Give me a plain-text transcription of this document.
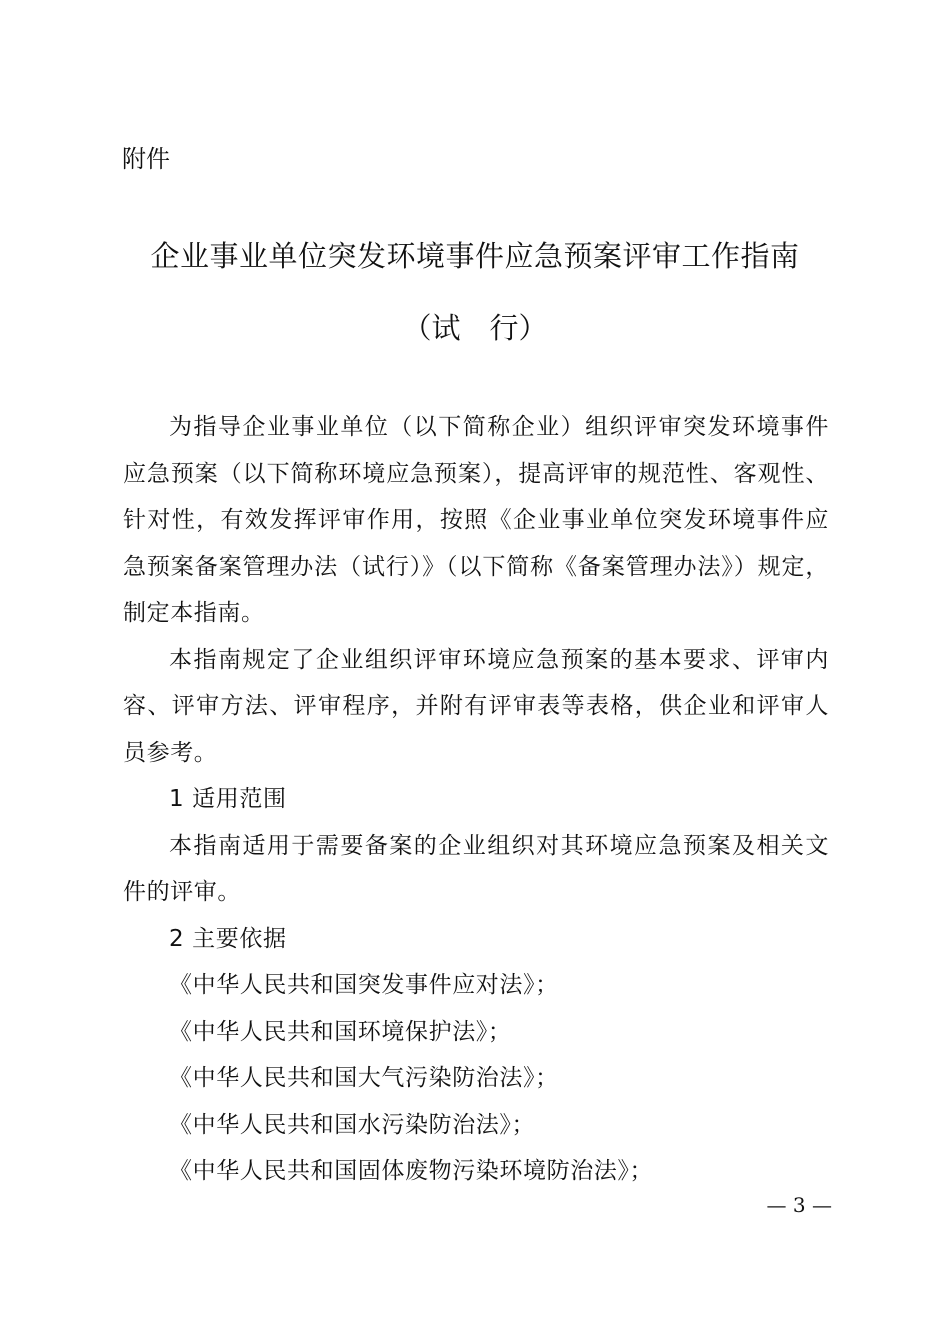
附件
企业事业单位突发环境事件应急预案评审工作指南
（试　行）

为指导企业事业单位（以下简称企业）组织评审突发环境事件应急预案（以下简称环境应急预案），提高评审的规范性、客观性、针对性，有效发挥评审作用，按照《企业事业单位突发环境事件应急预案备案管理办法（试行）》（以下简称《备案管理办法》）规定，制定本指南。

本指南规定了企业组织评审环境应急预案的基本要求、评审内容、评审方法、评审程序，并附有评审表等表格，供企业和评审人员参考。

1 适用范围

本指南适用于需要备案的企业组织对其环境应急预案及相关文件的评审。

2 主要依据

《中华人民共和国突发事件应对法》；

《中华人民共和国环境保护法》；

《中华人民共和国大气污染防治法》；

《中华人民共和国水污染防治法》；

《中华人民共和国固体废物污染环境防治法》；

— 3 —
